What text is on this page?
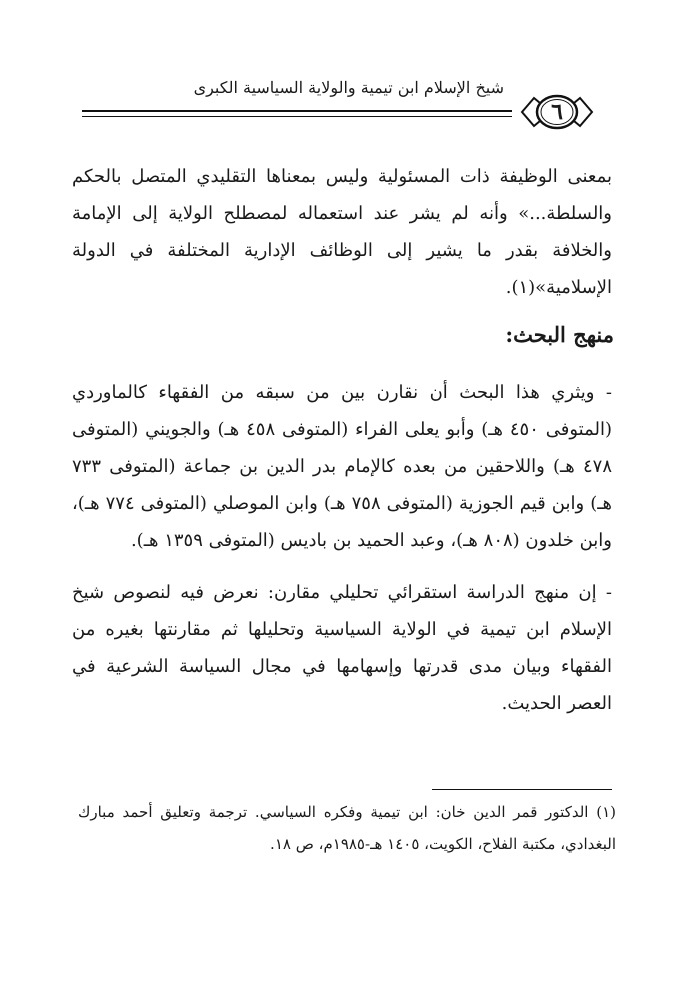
شيخ الإسلام ابن تيمية والولاية السياسية الكبرى
٦
بمعنى الوظيفة ذات المسئولية وليس بمعناها التقليدي المتصل بالحكم والسلطة...» وأنه لم يشر عند استعماله لمصطلح الولاية إلى الإمامة والخلافة بقدر ما يشير إلى الوظائف الإدارية المختلفة في الدولة الإسلامية»(١).
منهج البحث:
- ويثري هذا البحث أن نقارن بين من سبقه من الفقهاء كالماوردي (المتوفى ٤٥٠ هـ) وأبو يعلى الفراء (المتوفى ٤٥٨ هـ) والجويني (المتوفى ٤٧٨ هـ) واللاحقين من بعده كالإمام بدر الدين بن جماعة (المتوفى ٧٣٣ هـ) وابن قيم الجوزية (المتوفى ٧٥٨ هـ) وابن الموصلي (المتوفى ٧٧٤ هـ)، وابن خلدون (٨٠٨ هـ)، وعبد الحميد بن باديس (المتوفى ١٣٥٩ هـ).
- إن منهج الدراسة استقرائي تحليلي مقارن: نعرض فيه لنصوص شيخ الإسلام ابن تيمية في الولاية السياسية وتحليلها ثم مقارنتها بغيره من الفقهاء وبيان مدى قدرتها وإسهامها في مجال السياسة الشرعية في العصر الحديث.
(١) الدكتور قمر الدين خان: ابن تيمية وفكره السياسي. ترجمة وتعليق أحمد مبارك البغدادي، مكتبة الفلاح، الكويت، ١٤٠٥ هـ-١٩٨٥م، ص ١٨.
